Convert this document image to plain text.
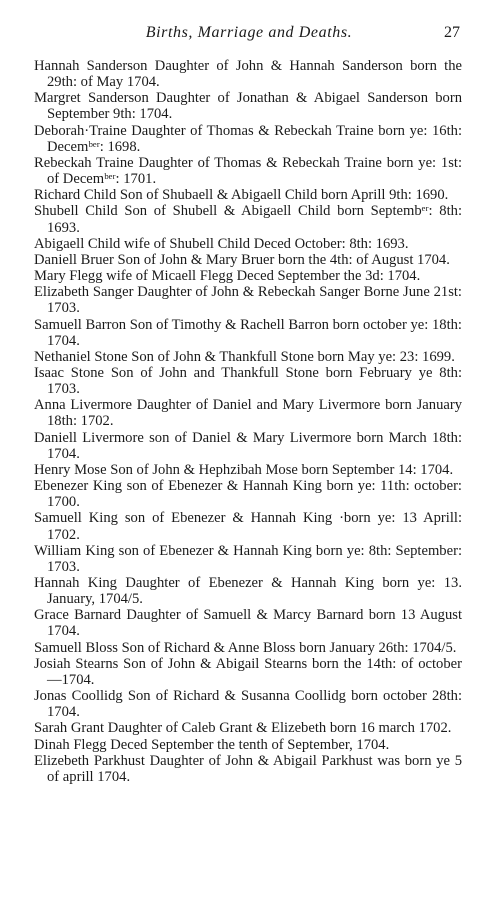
Births, Marriage and Deaths.	27

Hannah Sanderson Daughter of John & Hannah Sanderson born the 29th: of May 1704.

Margret Sanderson Daughter of Jonathan & Abigael Sanderson born September 9th: 1704.

Deborah·Traine Daughter of Thomas & Rebeckah Traine born ye: 16th: Decemᵇᵉʳ: 1698.

Rebeckah Traine Daughter of Thomas & Rebeckah Traine born ye: 1st: of Decemᵇᵉʳ: 1701.

Richard Child Son of Shubaell & Abigaell Child born Aprill 9th: 1690.

Shubell Child Son of Shubell & Abigaell Child born Septembᵉʳ: 8th: 1693.

Abigaell Child wife of Shubell Child Deced October: 8th: 1693.

Daniell Bruer Son of John & Mary Bruer born the 4th: of August 1704.

Mary Flegg wife of Micaell Flegg Deced September the 3d: 1704.

Elizabeth Sanger Daughter of John & Rebeckah Sanger Borne June 21st: 1703.

Samuell Barron Son of Timothy & Rachell Barron born october ye: 18th: 1704.

Nethaniel Stone Son of John & Thankfull Stone born May ye: 23: 1699.

Isaac Stone Son of John and Thankfull Stone born February ye 8th: 1703.

Anna Livermore Daughter of Daniel and Mary Livermore born January 18th: 1702.

Daniell Livermore son of Daniel & Mary Livermore born March 18th: 1704.

Henry Mose Son of John & Hephzibah Mose born September 14: 1704.

Ebenezer King son of Ebenezer & Hannah King born ye: 11th: october: 1700.

Samuell King son of Ebenezer & Hannah King ·born ye: 13 Aprill: 1702.

William King son of Ebenezer & Hannah King born ye: 8th: September: 1703.

Hannah King Daughter of Ebenezer & Hannah King born ye: 13. January, 1704/5.

Grace Barnard Daughter of Samuell & Marcy Barnard born 13 August 1704.

Samuell Bloss Son of Richard & Anne Bloss born January 26th: 1704/5.

Josiah Stearns Son of John & Abigail Stearns born the 14th: of october—1704.

Jonas Coollidg Son of Richard & Susanna Coollidg born october 28th: 1704.

Sarah Grant Daughter of Caleb Grant & Elizebeth born 16 march 1702.

Dinah Flegg Deced September the tenth of September, 1704.

Elizebeth Parkhust Daughter of John & Abigail Parkhust was born ye 5 of aprill 1704.
